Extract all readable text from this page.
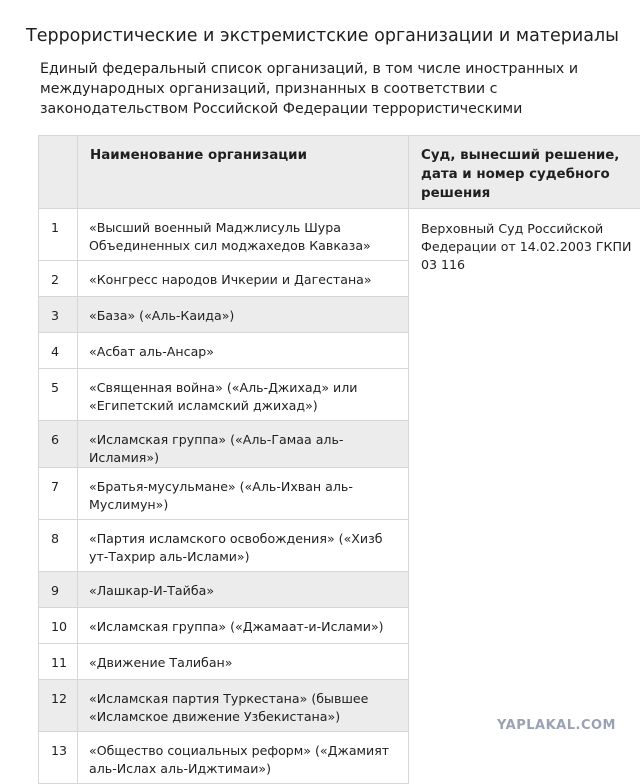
Террористические и экстремистские организации и материалы
Единый федеральный список организаций, в том числе иностранных и международных организаций, признанных в соответствии с законодательством Российской Федерации террористическими
	Наименование организации	Суд, вынесший решение, дата и номер судебного решения
1	«Высший военный Маджлисуль Шура Объединенных сил моджахедов Кавказа»	Верховный Суд Российской Федерации от 14.02.2003 ГКПИ 03 116
2	«Конгресс народов Ичкерии и Дагестана»	
3	«База» («Аль-Каида»)	
4	«Асбат аль-Ансар»	
5	«Священная война» («Аль-Джихад» или «Египетский исламский джихад»)	
6	«Исламская группа» («Аль-Гамаа аль-Исламия»)	
7	«Братья-мусульмане» («Аль-Ихван аль-Муслимун»)	
8	«Партия исламского освобождения» («Хизб ут-Тахрир аль-Ислами»)	
9	«Лашкар-И-Тайба»	
10	«Исламская группа» («Джамаат-и-Ислами»)	
11	«Движение Талибан»	
12	«Исламская партия Туркестана» (бывшее «Исламское движение Узбекистана»)	
13	«Общество социальных реформ» («Джамият аль-Ислах аль-Иджтимаи»)	
YAPLAKAL.COM
